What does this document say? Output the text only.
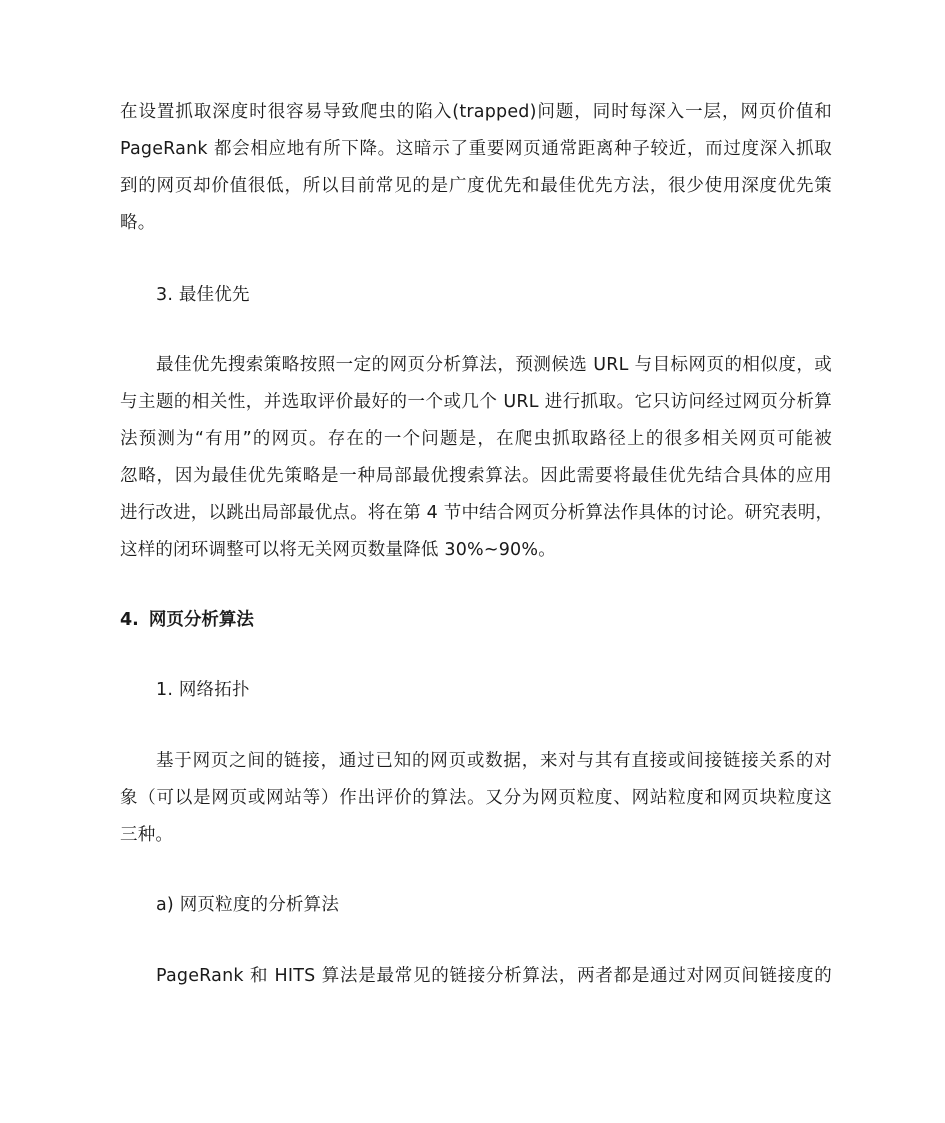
在设置抓取深度时很容易导致爬虫的陷入(trapped)问题，同时每深入一层，网页价值和
PageRank 都会相应地有所下降。这暗示了重要网页通常距离种子较近，而过度深入抓取
到的网页却价值很低，所以目前常见的是广度优先和最佳优先方法，很少使用深度优先策
略。
3. 最佳优先
最佳优先搜索策略按照一定的网页分析算法，预测候选 URL 与目标网页的相似度，或
与主题的相关性，并选取评价最好的一个或几个 URL 进行抓取。它只访问经过网页分析算
法预测为“有用”的网页。存在的一个问题是，在爬虫抓取路径上的很多相关网页可能被
忽略，因为最佳优先策略是一种局部最优搜索算法。因此需要将最佳优先结合具体的应用
进行改进，以跳出局部最优点。将在第 4 节中结合网页分析算法作具体的讨论。研究表明，
这样的闭环调整可以将无关网页数量降低 30%~90%。
4. 网页分析算法
1. 网络拓扑
基于网页之间的链接，通过已知的网页或数据，来对与其有直接或间接链接关系的对
象（可以是网页或网站等）作出评价的算法。又分为网页粒度、网站粒度和网页块粒度这
三种。
a) 网页粒度的分析算法
PageRank 和 HITS 算法是最常见的链接分析算法，两者都是通过对网页间链接度的
